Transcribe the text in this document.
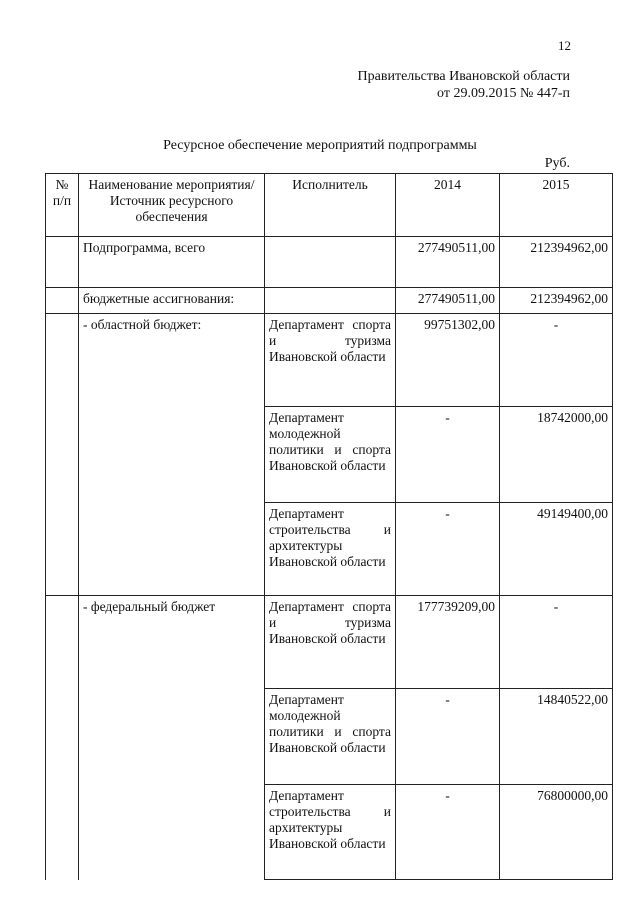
12
Правительства Ивановской области
от 29.09.2015 № 447-п
Ресурсное обеспечение мероприятий подпрограммы
Руб.
№ п/п	Наименование мероприятия/Источник ресурсного обеспечения	Исполнитель	2014	2015
	Подпрограмма, всего		277490511,00	212394962,00
	бюджетные ассигнования:		277490511,00	212394962,00
	- областной бюджет:	Департамент спорта и туризма Ивановской области	99751302,00	-
		Департамент молодежной политики и спорта Ивановской области	-	18742000,00
		Департамент строительства и архитектуры Ивановской области	-	49149400,00
	- федеральный бюджет	Департамент спорта и туризма Ивановской области	177739209,00	-
		Департамент молодежной политики и спорта Ивановской области	-	14840522,00
		Департамент строительства и архитектуры Ивановской области	-	76800000,00
